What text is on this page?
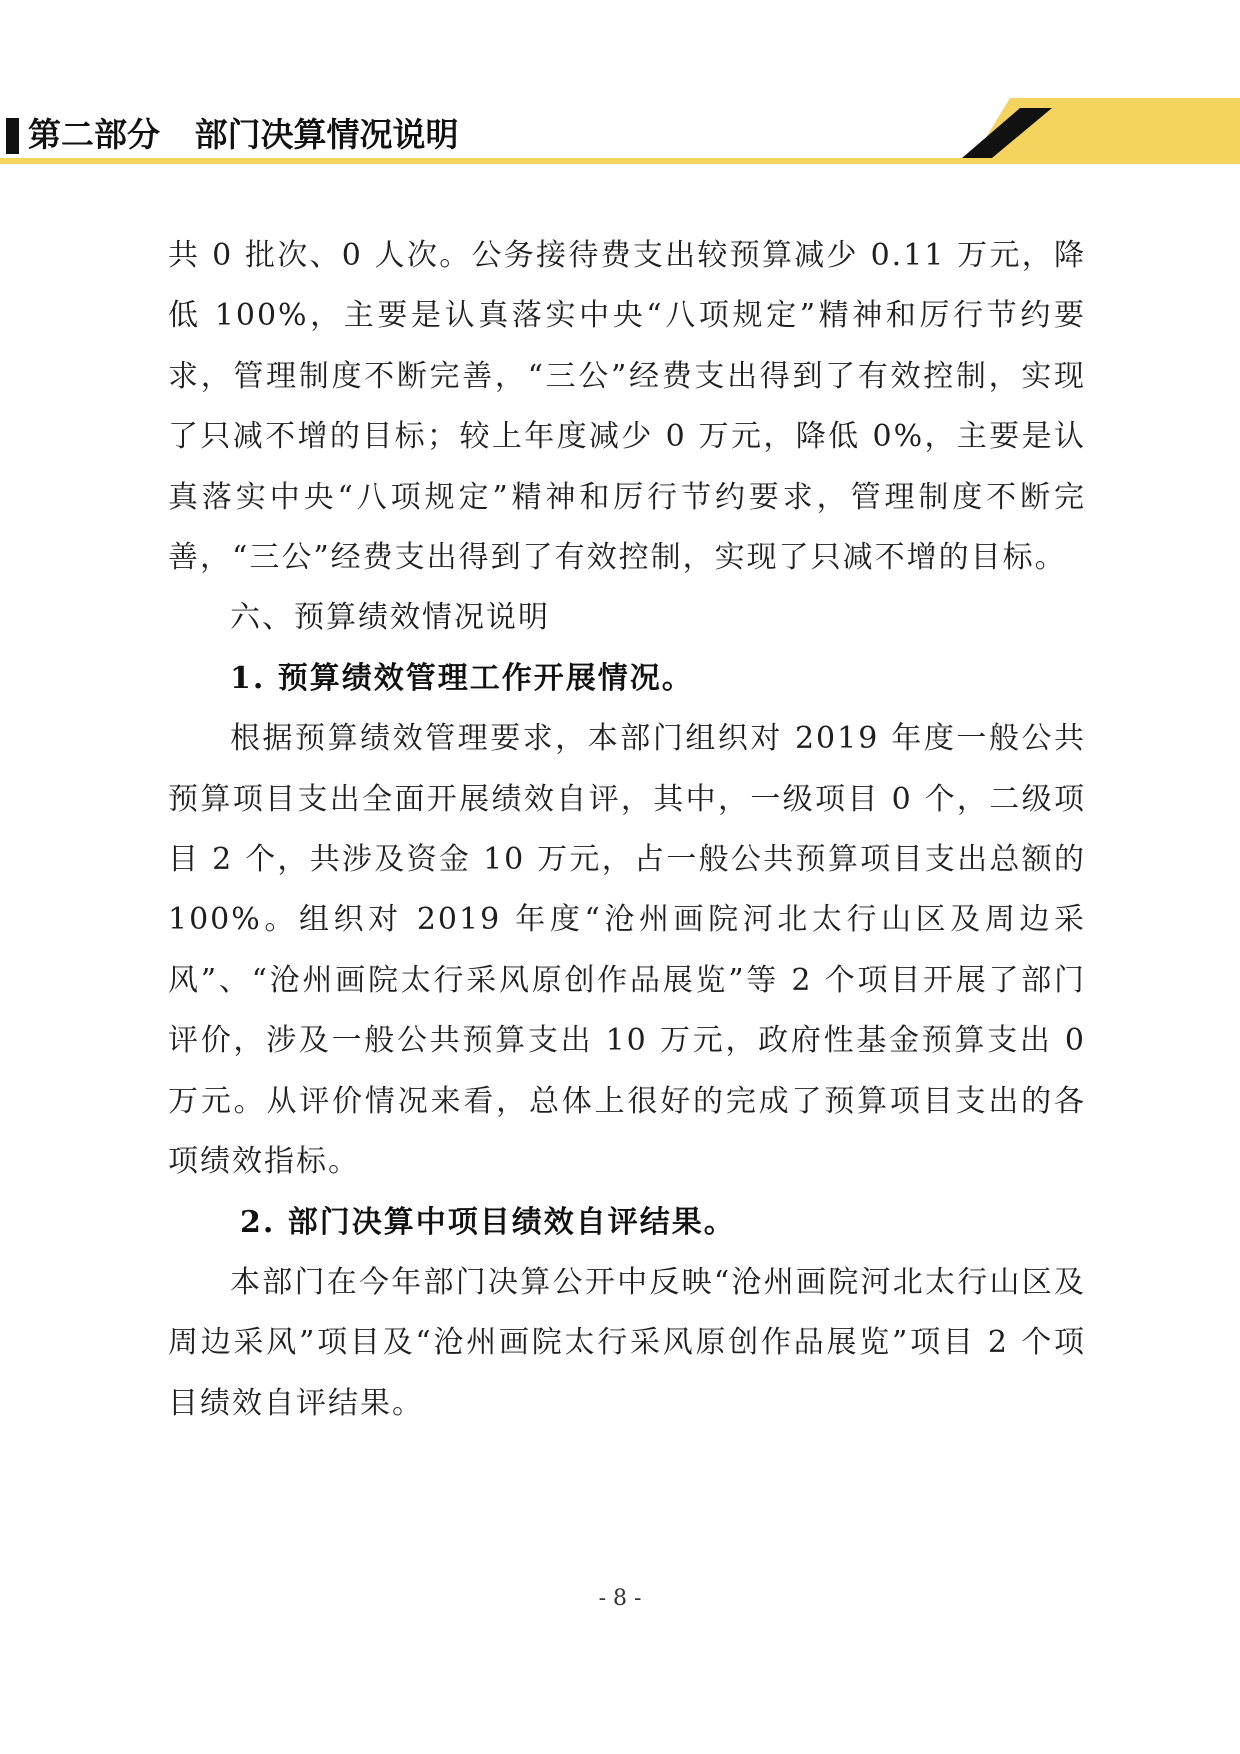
第二部分 部门决算情况说明

共 0 批次、0 人次。公务接待费支出较预算减少 0.11 万元，降低 100%，主要是认真落实中央“八项规定”精神和厉行节约要求，管理制度不断完善，“三公”经费支出得到了有效控制，实现了只减不增的目标；较上年度减少 0 万元，降低 0%，主要是认真落实中央“八项规定”精神和厉行节约要求，管理制度不断完善，“三公”经费支出得到了有效控制，实现了只减不增的目标。

六、预算绩效情况说明

1. 预算绩效管理工作开展情况。

根据预算绩效管理要求，本部门组织对 2019 年度一般公共预算项目支出全面开展绩效自评，其中，一级项目 0 个，二级项目 2 个，共涉及资金 10 万元，占一般公共预算项目支出总额的 100%。组织对 2019 年度“沧州画院河北太行山区及周边采风”、“沧州画院太行采风原创作品展览”等 2 个项目开展了部门评价，涉及一般公共预算支出 10 万元，政府性基金预算支出 0 万元。从评价情况来看，总体上很好的完成了预算项目支出的各项绩效指标。

2. 部门决算中项目绩效自评结果。

本部门在今年部门决算公开中反映“沧州画院河北太行山区及周边采风”项目及“沧州画院太行采风原创作品展览”项目 2 个项目绩效自评结果。

- 8 -
